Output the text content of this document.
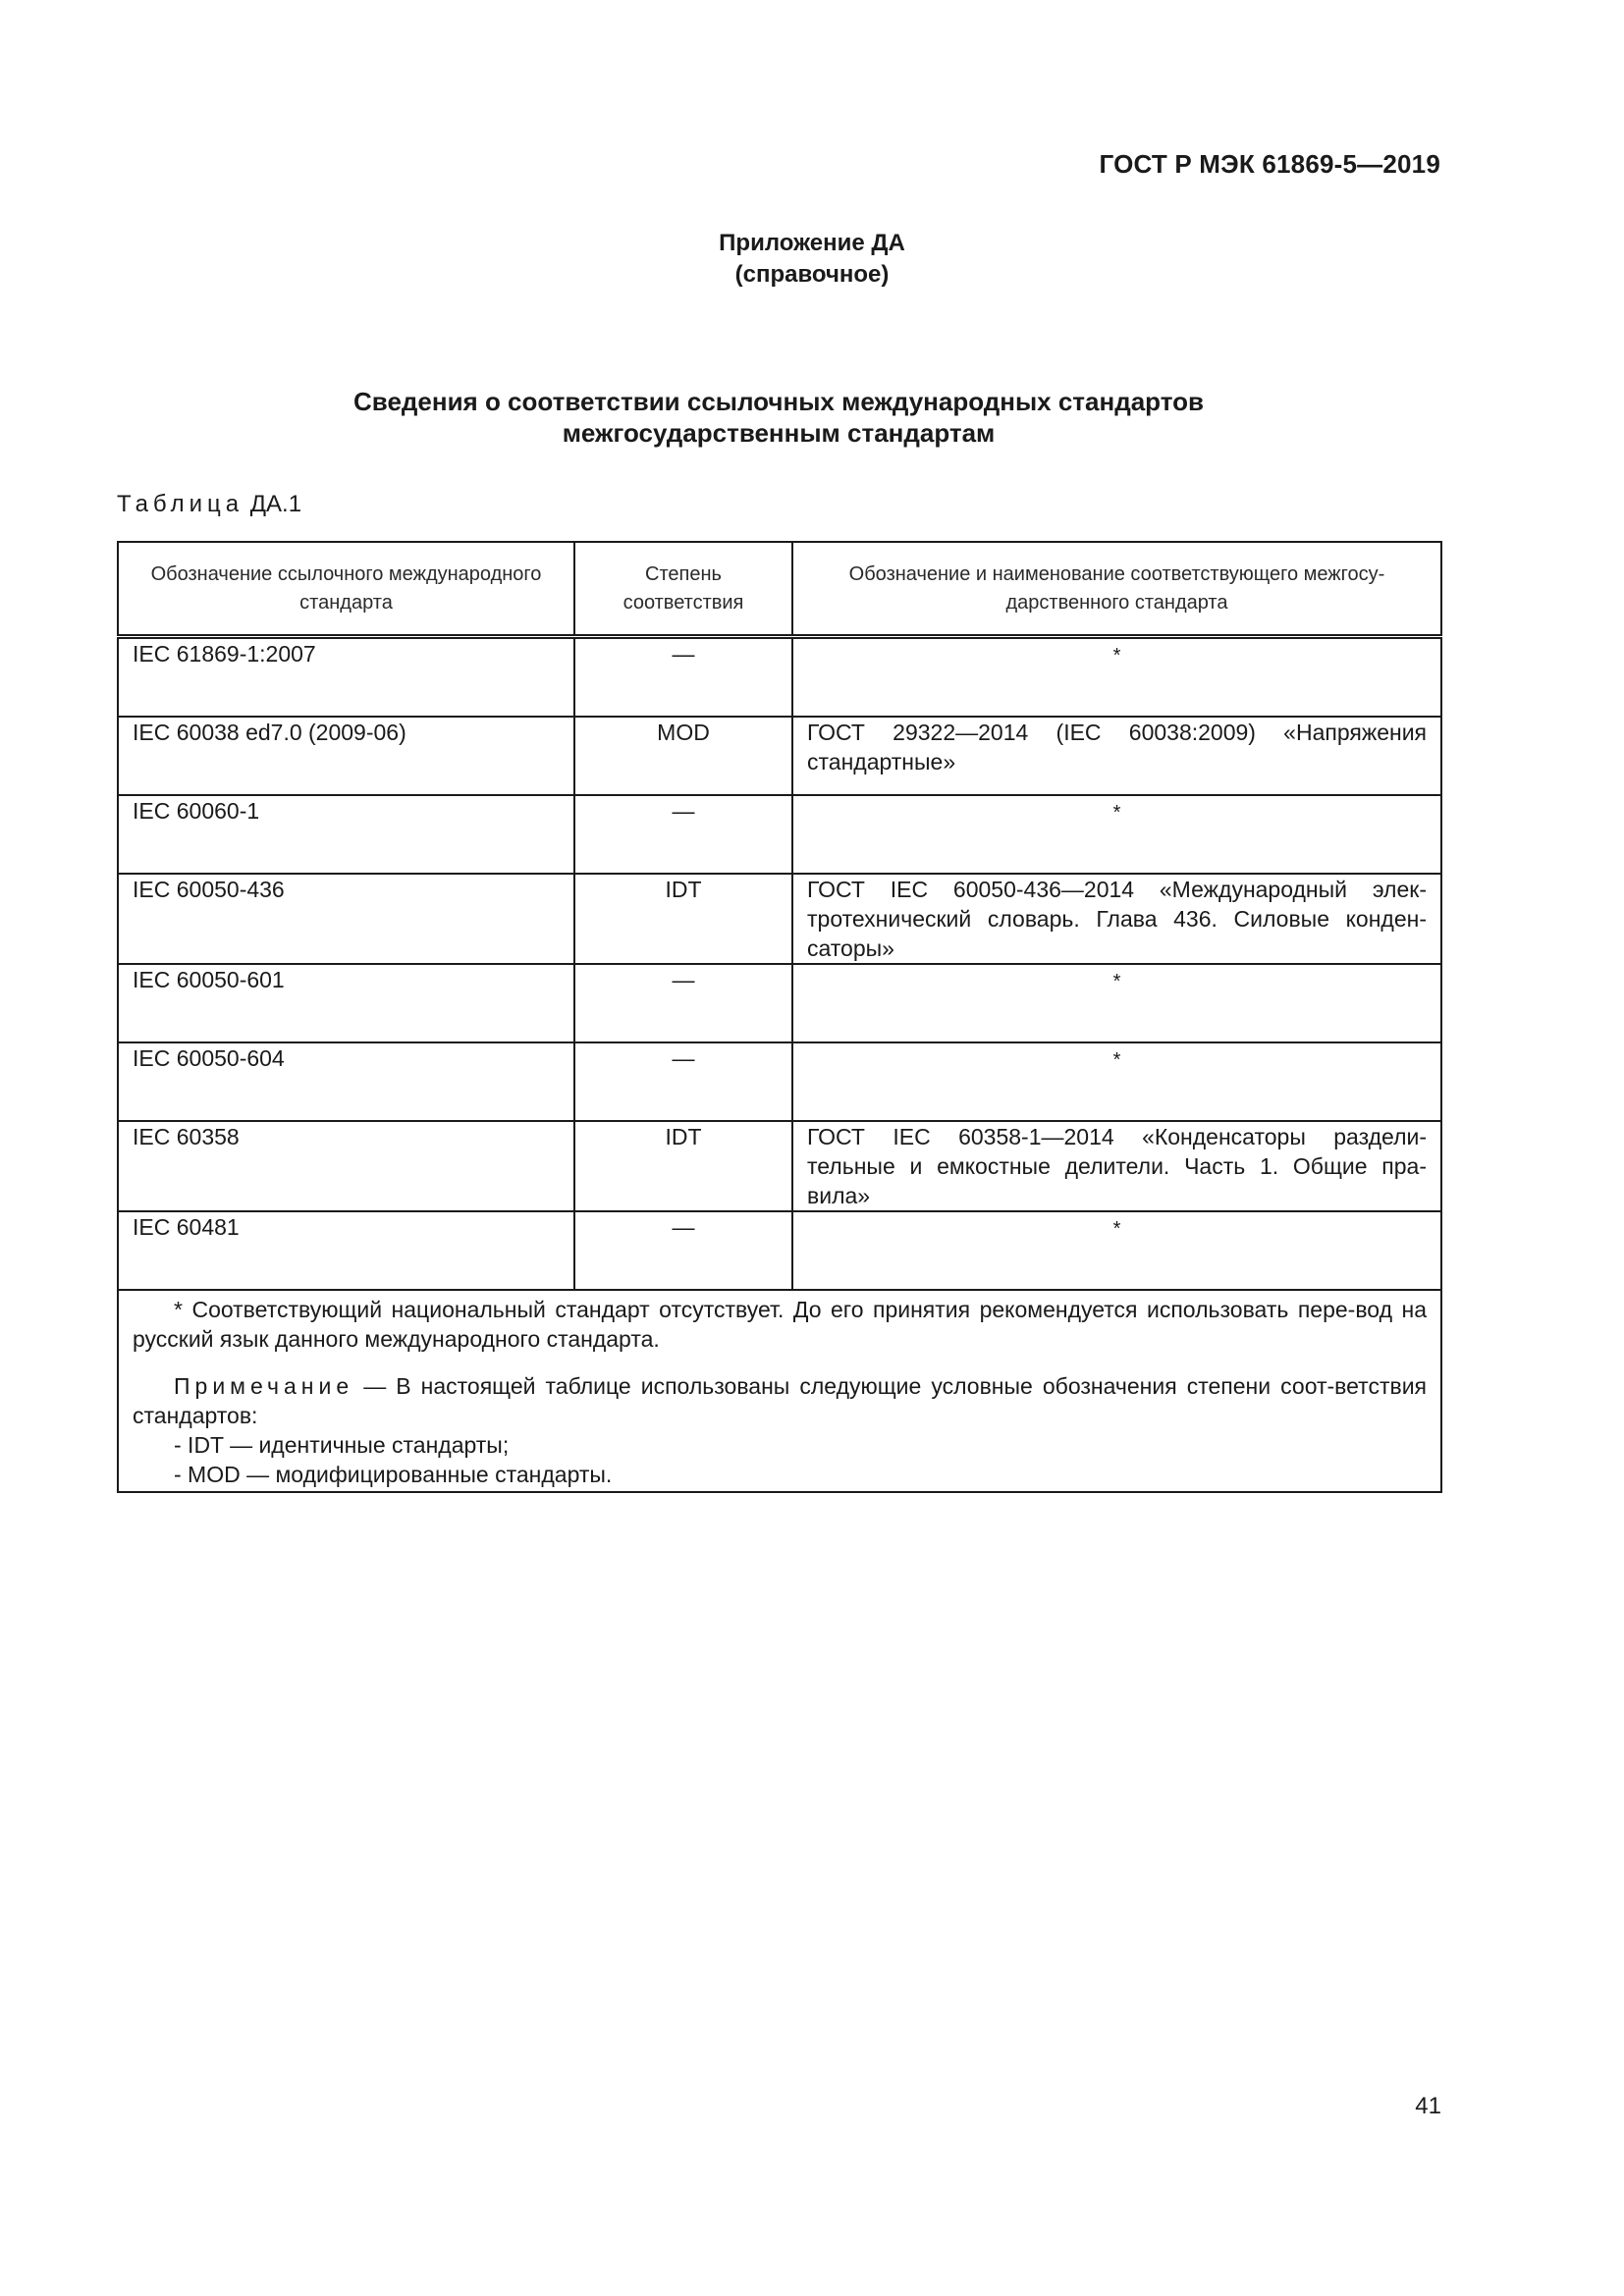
ГОСТ Р МЭК 61869-5—2019
Приложение ДА
(справочное)
Сведения о соответствии ссылочных международных стандартов
межгосударственным стандартам
Таблица ДА.1
Обозначение ссылочного международного стандарта	Степень соответствия	Обозначение и наименование соответствующего межгосу-дарственного стандарта
IEC 61869-1:2007	—	*
IEC 60038 ed7.0 (2009-06)	MOD	ГОСТ 29322—2014 (IEC 60038:2009) «Напряжения стандартные»
IEC 60060-1	—	*
IEC 60050-436	IDT	ГОСТ IEC 60050-436—2014 «Международный элек-тротехнический словарь. Глава 436. Силовые конден-саторы»
IEC 60050-601	—	*
IEC 60050-604	—	*
IEC 60358	IDT	ГОСТ IEC 60358-1—2014 «Конденсаторы раздели-тельные и емкостные делители. Часть 1. Общие пра-вила»
IEC 60481	—	*

* Соответствующий национальный стандарт отсутствует. До его принятия рекомендуется использовать пере-вод на русский язык данного международного стандарта.

Примечание — В настоящей таблице использованы следующие условные обозначения степени соот-ветствия стандартов:

- IDT — идентичные стандарты;

- MOD — модифицированные стандарты.		

41
